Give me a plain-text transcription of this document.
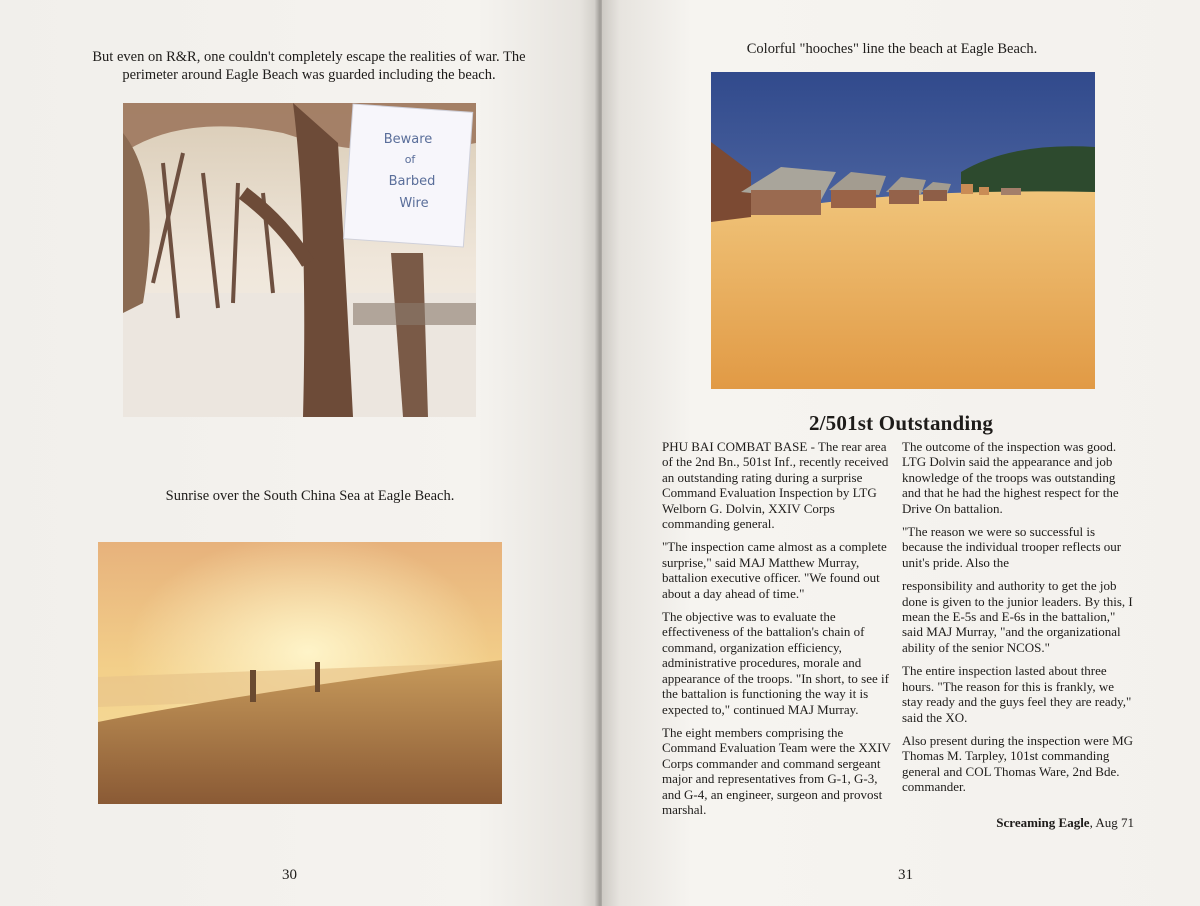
But even on R&R, one couldn't completely escape the realities of war. The perimeter around Eagle Beach was guarded including the beach.
Beware
of
Barbed
Wire
Sunrise over the South China Sea at Eagle Beach.
30
Colorful "hooches" line the beach at Eagle Beach.
2/501st Outstanding

PHU BAI COMBAT BASE - The rear area of the 2nd Bn., 501st Inf., recently received an outstanding rating during a surprise Command Evaluation Inspection by LTG Welborn G. Dolvin, XXIV Corps commanding general.

"The inspection came almost as a complete surprise," said MAJ Matthew Murray, battalion executive officer. "We found out about a day ahead of time."

The objective was to evaluate the effectiveness of the battalion's chain of command, organization efficiency, administrative procedures, morale and appearance of the troops. "In short, to see if the battalion is functioning the way it is expected to," continued MAJ Murray.

The eight members comprising the Command Evaluation Team were the XXIV Corps commander and command sergeant major and representatives from G-1, G-3, and G-4, an engineer, surgeon and provost marshal.

The outcome of the inspection was good. LTG Dolvin said the appearance and job knowledge of the troops was outstanding and that he had the highest respect for the Drive On battalion.

"The reason we were so successful is because the individual trooper reflects our unit's pride. Also the

responsibility and authority to get the job done is given to the junior leaders. By this, I mean the E-5s and E-6s in the battalion," said MAJ Murray, "and the organizational ability of the senior NCOS."

The entire inspection lasted about three hours. "The reason for this is frankly, we stay ready and the guys feel they are ready," said the XO.

Also present during the inspection were MG Thomas M. Tarpley, 101st commanding general and COL Thomas Ware, 2nd Bde. commander.

Screaming Eagle, Aug 71
31
